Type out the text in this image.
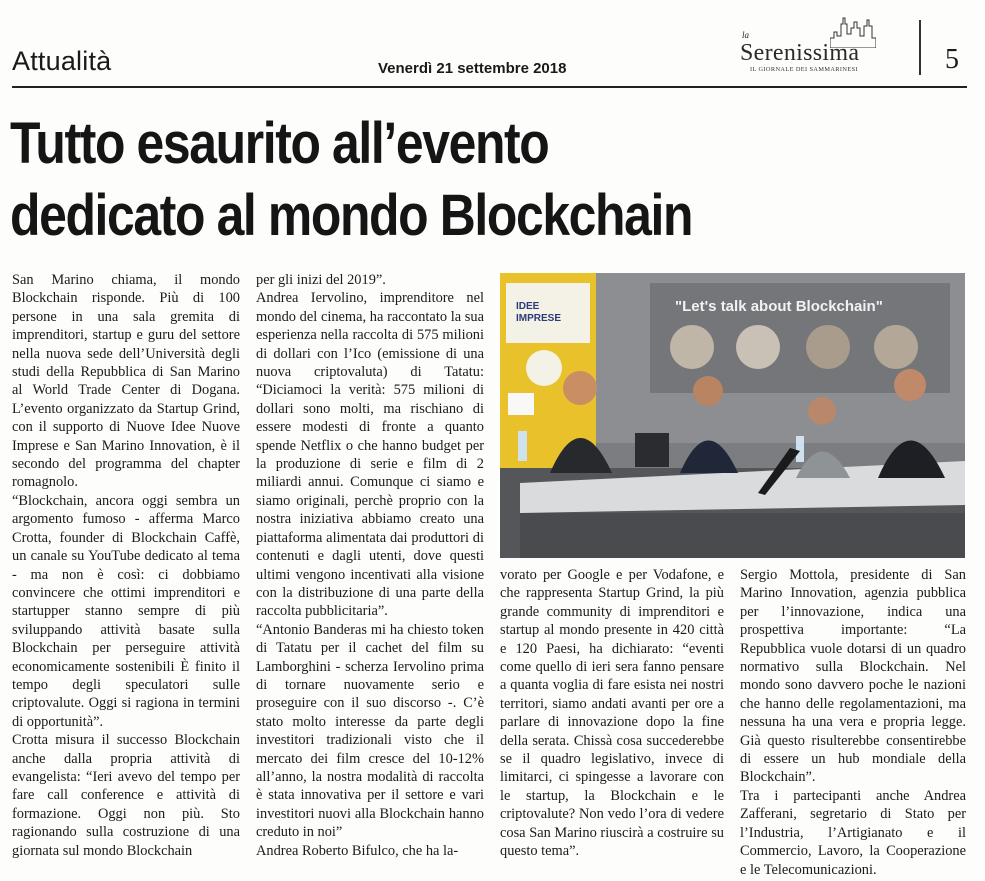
Attualità	Venerdì 21 settembre 2018
la
Serenissima
IL GIORNALE DEI SAMMARINESI	5
Tutto esaurito all’evento
dedicato al mondo Blockchain

San Marino chiama, il mondo Blockchain risponde. Più di 100 persone in una sala gremita di imprenditori, startup e guru del settore nella nuova sede dell’Università degli studi della Repubblica di San Marino al World Trade Center di Dogana. L’evento organizzato da Startup Grind, con il supporto di Nuove Idee Nuove Imprese e San Marino Innovation, è il secondo del programma del chapter romagnolo.

“Blockchain, ancora oggi sembra un argomento fumoso - afferma Marco Crotta, founder di Blockchain Caffè, un canale su YouTube dedicato al tema - ma non è così: ci dobbiamo convincere che ottimi imprenditori e startupper stanno sempre di più sviluppando attività basate sulla Blockchain per perseguire attività economicamente sostenibili È finito il tempo degli speculatori sulle criptovalute. Oggi si ragiona in termini di opportunità”.

Crotta misura il successo Blockchain anche dalla propria attività di evangelista: “Ieri avevo del tempo per fare call conference e attività di formazione. Oggi non più. Sto ragionando sulla costruzione di una giornata sul mondo Blockchain

per gli inizi del 2019”.

Andrea Iervolino, imprenditore nel mondo del cinema, ha raccontato la sua esperienza nella raccolta di 575 milioni di dollari con l’Ico (emissione di una nuova criptovaluta) di Tatatu: “Diciamoci la verità: 575 milioni di dollari sono molti, ma rischiano di essere modesti di fronte a quanto spende Netflix o che hanno budget per la produzione di serie e film di 2 miliardi annui. Comunque ci siamo e siamo originali, perchè proprio con la nostra iniziativa abbiamo creato una piattaforma alimentata dai produttori di contenuti e dagli utenti, dove questi ultimi vengono incentivati alla visione con la distribuzione di una parte della raccolta pubblicitaria”.

“Antonio Banderas mi ha chiesto token di Tatatu per il cachet del film su Lamborghini - scherza Iervolino prima di tornare nuovamente serio e proseguire con il suo discorso -. C’è stato molto interesse da parte degli investitori tradizionali visto che il mercato dei film cresce del 10-12% all’anno, la nostra modalità di raccolta è stata innovativa per il settore e vari investitori nuovi alla Blockchain hanno creduto in noi”

Andrea Roberto Bifulco, che ha la-

IDEE
IMPRESE
"Let's talk about Blockchain"

vorato per Google e per Vodafone, e che rappresenta Startup Grind, la più grande community di imprenditori e startup al mondo presente in 420 città e 120 Paesi, ha dichiarato: “eventi come quello di ieri sera fanno pensare a quanta voglia di fare esista nei nostri territori, siamo andati avanti per ore a parlare di innovazione dopo la fine della serata. Chissà cosa succederebbe se il quadro legislativo, invece di limitarci, ci spingesse a lavorare con le startup, la Blockchain e le criptovalute? Non vedo l’ora di vedere cosa San Marino riuscirà a costruire su questo tema”.

Sergio Mottola, presidente di San Marino Innovation, agenzia pubblica per l’innovazione, indica una prospettiva importante: “La Repubblica vuole dotarsi di un quadro normativo sulla Blockchain. Nel mondo sono davvero poche le nazioni che hanno delle regolamentazioni, ma nessuna ha una vera e propria legge. Già questo risulterebbe consentirebbe di essere un hub mondiale della Blockchain”.

Tra i partecipanti anche Andrea Zafferani, segretario di Stato per l’Industria, l’Artigianato e il Commercio, Lavoro, la Cooperazione e le Telecomunicazioni.
